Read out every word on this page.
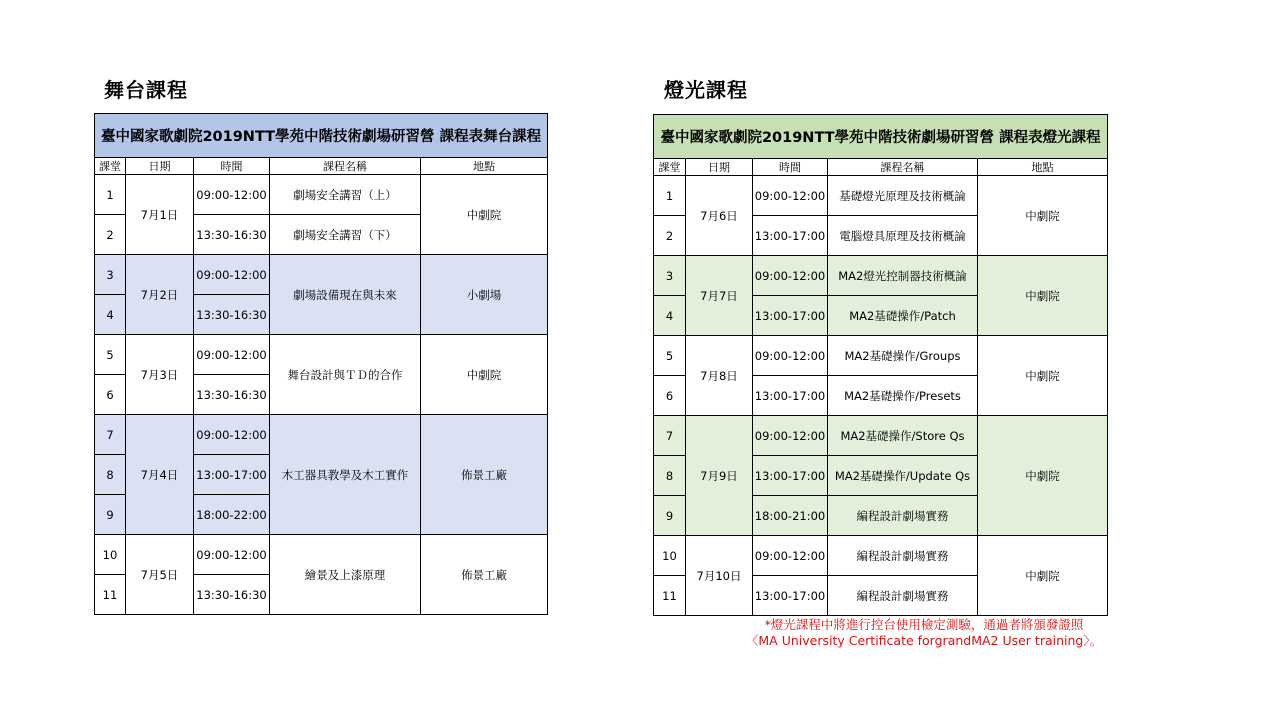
舞台課程	燈光課程
臺中國家歌劇院2019NTT學苑中階技術劇場研習營 課程表舞台課程				
課堂	日期	時間	課程名稱	地點
1	7月1日	09:00-12:00	劇場安全講習（上）	中劇院
2		13:30-16:30	劇場安全講習（下）	
3	7月2日	09:00-12:00	劇場設備現在與未來	小劇場
4		13:30-16:30		
5	7月3日	09:00-12:00	舞台設計與ＴＤ的合作	中劇院
6		13:30-16:30		
7	7月4日	09:00-12:00	木工器具教學及木工實作	佈景工廠
8		13:00-17:00		
9		18:00-22:00		
10	7月5日	09:00-12:00	繪景及上漆原理	佈景工廠
11		13:30-16:30		
臺中國家歌劇院2019NTT學苑中階技術劇場研習營 課程表燈光課程				
課堂	日期	時間	課程名稱	地點
1	7月6日	09:00-12:00	基礎燈光原理及技術概論	中劇院
2		13:00-17:00	電腦燈具原理及技術概論	
3	7月7日	09:00-12:00	MA2燈光控制器技術概論	中劇院
4		13:00-17:00	MA2基礎操作/Patch	
5	7月8日	09:00-12:00	MA2基礎操作/Groups	中劇院
6		13:00-17:00	MA2基礎操作/Presets	
7	7月9日	09:00-12:00	MA2基礎操作/Store Qs	中劇院
8		13:00-17:00	MA2基礎操作/Update Qs	
9		18:00-21:00	編程設計劇場實務	
10	7月10日	09:00-12:00	編程設計劇場實務	中劇院
11		13:00-17:00	編程設計劇場實務	
*燈光課程中將進行控台使用檢定測驗，通過者將頒發證照
〈MA University Certificate forgrandMA2 User training〉。
